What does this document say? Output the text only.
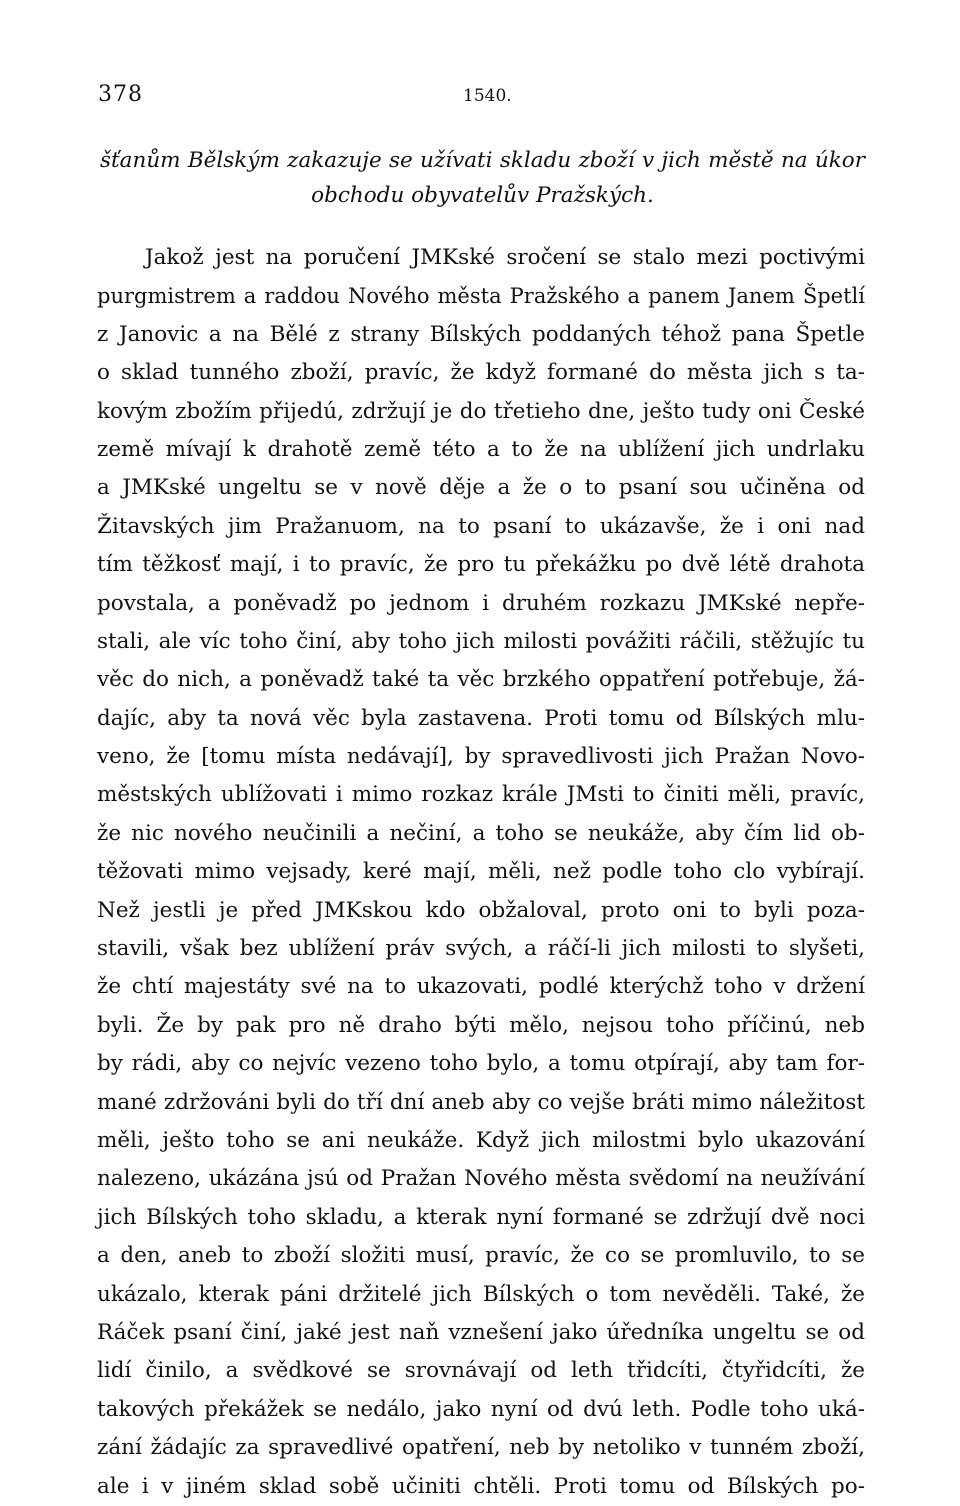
378	1540.
šťanům Bělským zakazuje se užívati skladu zboží v jich městě na úkor
obchodu obyvatelův Pražských.
Jakož jest na poručení JMKské sročení se stalo mezi poctivými
purgmistrem a raddou Nového města Pražského a panem Janem Špetlí
z Janovic a na Bělé z strany Bílských poddaných téhož pana Špetle
o sklad tunného zboží, pravíc, že když formané do města jich s ta-
kovým zbožím přijedú, zdržují je do třetieho dne, ješto tudy oni České
země mívají k drahotě země této a to že na ublížení jich undrlaku
a JMKské ungeltu se v nově děje a že o to psaní sou učiněna od
Žitavských jim Pražanuom, na to psaní to ukázavše, že i oni nad
tím těžkosť mají, i to pravíc, že pro tu překážku po dvě létě drahota
povstala, a poněvadž po jednom i druhém rozkazu JMKské nepře-
stali, ale víc toho činí, aby toho jich milosti povážiti ráčili, stěžujíc tu
věc do nich, a poněvadž také ta věc brzkého oppatření potřebuje, žá-
dajíc, aby ta nová věc byla zastavena. Proti tomu od Bílských mlu-
veno, že [tomu místa nedávají], by spravedlivosti jich Pražan Novo-
městských ublížovati i mimo rozkaz krále JMsti to činiti měli, pravíc,
že nic nového neučinili a nečiní, a toho se neukáže, aby čím lid ob-
těžovati mimo vejsady, keré mají, měli, než podle toho clo vybírají.
Než jestli je před JMKskou kdo obžaloval, proto oni to byli poza-
stavili, však bez ublížení práv svých, a ráčí-li jich milosti to slyšeti,
že chtí majestáty své na to ukazovati, podlé kterýchž toho v držení
byli. Že by pak pro ně draho býti mělo, nejsou toho příčinú, neb
by rádi, aby co nejvíc vezeno toho bylo, a tomu otpírají, aby tam for-
mané zdržováni byli do tří dní aneb aby co vejše bráti mimo náležitost
měli, ješto toho se ani neukáže. Když jich milostmi bylo ukazování
nalezeno, ukázána jsú od Pražan Nového města svědomí na neužívání
jich Bílských toho skladu, a kterak nyní formané se zdržují dvě noci
a den, aneb to zboží složiti musí, pravíc, že co se promluvilo, to se
ukázalo, kterak páni držitelé jich Bílských o tom nevěděli. Také, že
Ráček psaní činí, jaké jest naň vznešení jako úředníka ungeltu se od
lidí činilo, a svědkové se srovnávají od leth třidcíti, čtyřidcíti, že
takových překážek se nedálo, jako nyní od dvú leth. Podle toho uká-
zání žádajíc za spravedlivé opatření, neb by netoliko v tunném zboží,
ale i v jiném sklad sobě učiniti chtěli. Proti tomu od Bílských po-
